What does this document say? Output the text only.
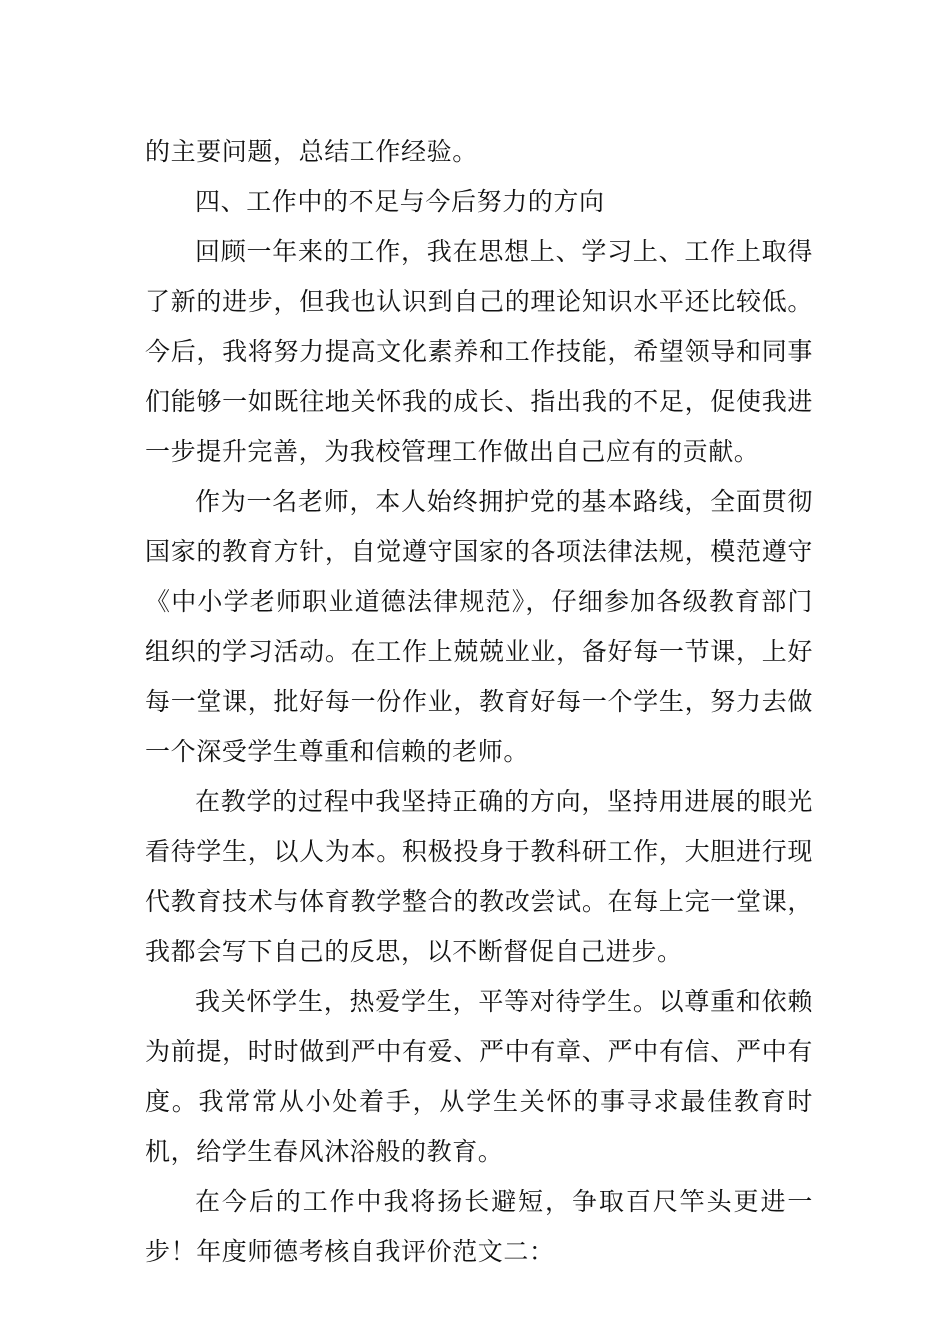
的主要问题，总结工作经验。

四、工作中的不足与今后努力的方向

回顾一年来的工作，我在思想上、学习上、工作上取得了新的进步，但我也认识到自己的理论知识水平还比较低。今后，我将努力提高文化素养和工作技能，希望领导和同事们能够一如既往地关怀我的成长、指出我的不足，促使我进一步提升完善，为我校管理工作做出自己应有的贡献。

作为一名老师，本人始终拥护党的基本路线，全面贯彻国家的教育方针，自觉遵守国家的各项法律法规，模范遵守《中小学老师职业道德法律规范》，仔细参加各级教育部门组织的学习活动。在工作上兢兢业业，备好每一节课，上好每一堂课，批好每一份作业，教育好每一个学生，努力去做一个深受学生尊重和信赖的老师。

在教学的过程中我坚持正确的方向，坚持用进展的眼光看待学生，以人为本。积极投身于教科研工作，大胆进行现代教育技术与体育教学整合的教改尝试。在每上完一堂课，我都会写下自己的反思，以不断督促自己进步。

我关怀学生，热爱学生，平等对待学生。以尊重和依赖为前提，时时做到严中有爱、严中有章、严中有信、严中有度。我常常从小处着手，从学生关怀的事寻求最佳教育时机，给学生春风沐浴般的教育。

在今后的工作中我将扬长避短，争取百尺竿头更进一步！年度师德考核自我评价范文二：
